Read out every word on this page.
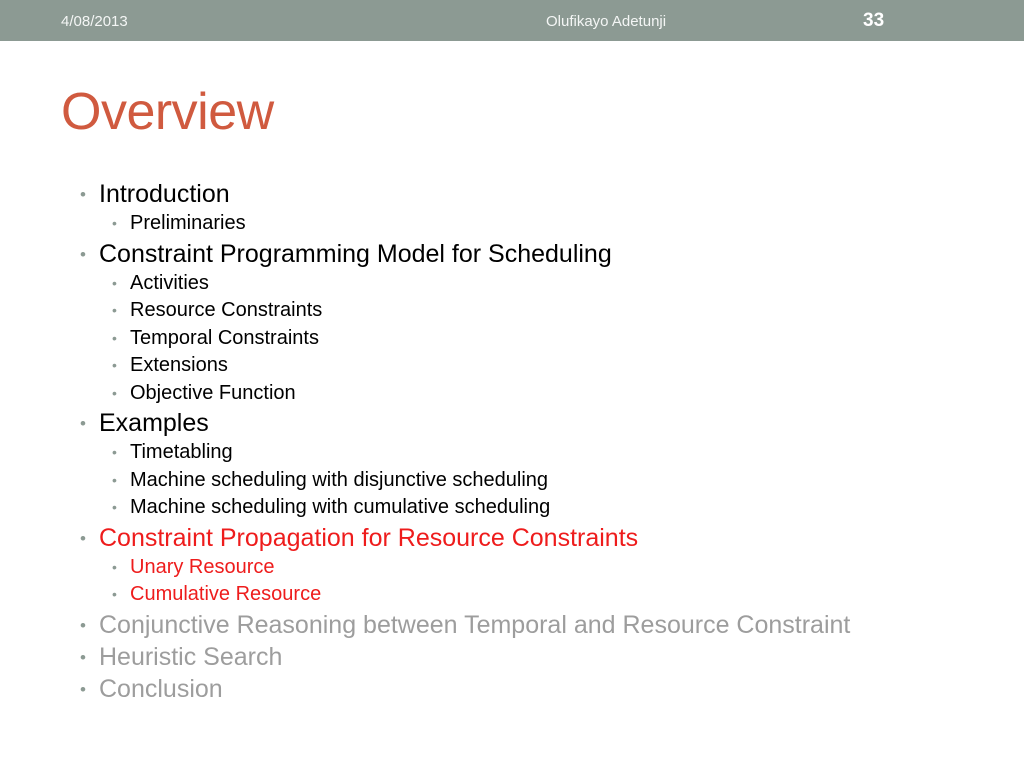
4/08/2013	Olufikayo Adetunji	33
Overview
• Introduction
• Preliminaries
• Constraint Programming Model for Scheduling
• Activities
• Resource Constraints
• Temporal Constraints
• Extensions
• Objective Function
• Examples
• Timetabling
• Machine scheduling with disjunctive scheduling
• Machine scheduling with cumulative scheduling
• Constraint Propagation for Resource Constraints
• Unary Resource
• Cumulative Resource
• Conjunctive Reasoning between Temporal and Resource Constraint
• Heuristic Search
• Conclusion
